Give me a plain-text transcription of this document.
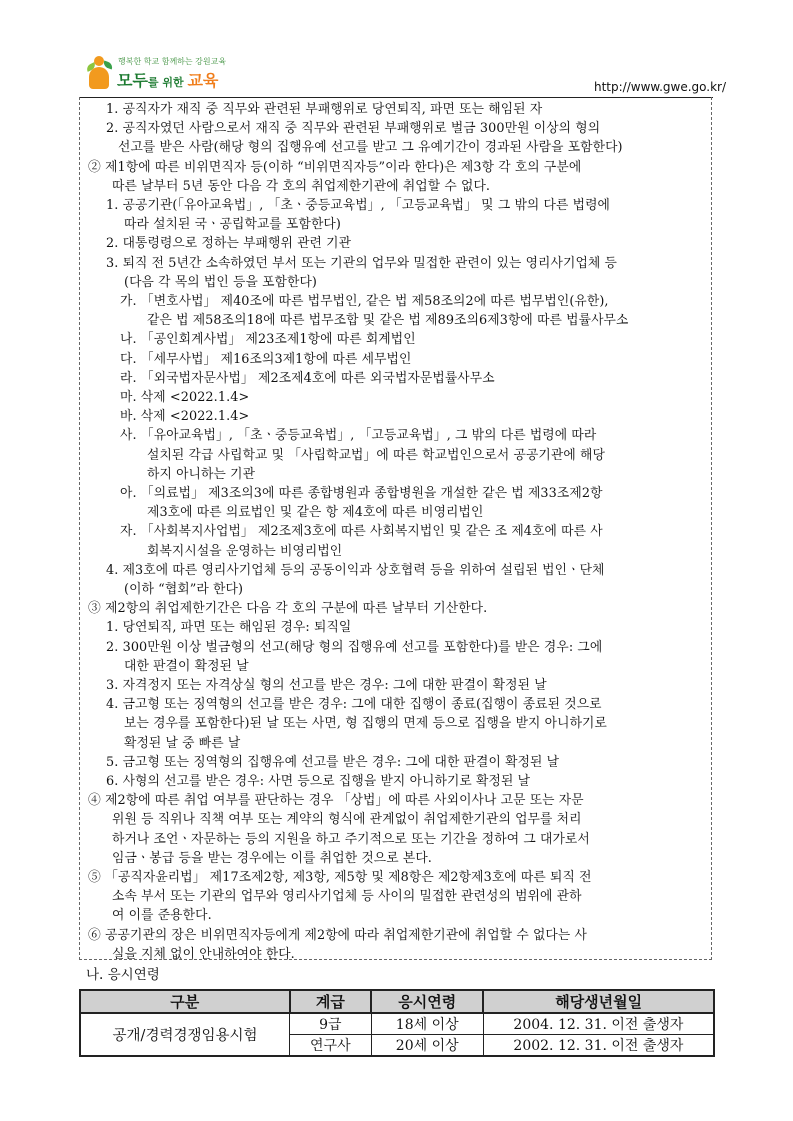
행복한 학교 함께하는 강원교육
모두를 위한 교육	http://www.gwe.go.kr/
1. 공직자가 재직 중 직무와 관련된 부패행위로 당연퇴직, 파면 또는 해임된 자
2. 공직자였던 사람으로서 재직 중 직무와 관련된 부패행위로 벌금 300만원 이상의 형의
선고를 받은 사람(해당 형의 집행유예 선고를 받고 그 유예기간이 경과된 사람을 포함한다)
② 제1항에 따른 비위면직자 등(이하 “비위면직자등”이라 한다)은 제3항 각 호의 구분에
따른 날부터 5년 동안 다음 각 호의 취업제한기관에 취업할 수 없다.
1. 공공기관(「유아교육법」, 「초ㆍ중등교육법」, 「고등교육법」 및 그 밖의 다른 법령에
따라 설치된 국ㆍ공립학교를 포함한다)
2. 대통령령으로 정하는 부패행위 관련 기관
3. 퇴직 전 5년간 소속하였던 부서 또는 기관의 업무와 밀접한 관련이 있는 영리사기업체 등
(다음 각 목의 법인 등을 포함한다)
가. 「변호사법」 제40조에 따른 법무법인, 같은 법 제58조의2에 따른 법무법인(유한),
같은 법 제58조의18에 따른 법무조합 및 같은 법 제89조의6제3항에 따른 법률사무소
나. 「공인회계사법」 제23조제1항에 따른 회계법인
다. 「세무사법」 제16조의3제1항에 따른 세무법인
라. 「외국법자문사법」 제2조제4호에 따른 외국법자문법률사무소
마. 삭제 <2022.1.4>
바. 삭제 <2022.1.4>
사. 「유아교육법」, 「초ㆍ중등교육법」, 「고등교육법」, 그 밖의 다른 법령에 따라
설치된 각급 사립학교 및 「사립학교법」에 따른 학교법인으로서 공공기관에 해당
하지 아니하는 기관
아. 「의료법」 제3조의3에 따른 종합병원과 종합병원을 개설한 같은 법 제33조제2항
제3호에 따른 의료법인 및 같은 항 제4호에 따른 비영리법인
자. 「사회복지사업법」 제2조제3호에 따른 사회복지법인 및 같은 조 제4호에 따른 사
회복지시설을 운영하는 비영리법인
4. 제3호에 따른 영리사기업체 등의 공동이익과 상호협력 등을 위하여 설립된 법인ㆍ단체
(이하 “협회”라 한다)
③ 제2항의 취업제한기간은 다음 각 호의 구분에 따른 날부터 기산한다.
1. 당연퇴직, 파면 또는 해임된 경우: 퇴직일
2. 300만원 이상 벌금형의 선고(해당 형의 집행유예 선고를 포함한다)를 받은 경우: 그에
대한 판결이 확정된 날
3. 자격정지 또는 자격상실 형의 선고를 받은 경우: 그에 대한 판결이 확정된 날
4. 금고형 또는 징역형의 선고를 받은 경우: 그에 대한 집행이 종료(집행이 종료된 것으로
보는 경우를 포함한다)된 날 또는 사면, 형 집행의 면제 등으로 집행을 받지 아니하기로
확정된 날 중 빠른 날
5. 금고형 또는 징역형의 집행유예 선고를 받은 경우: 그에 대한 판결이 확정된 날
6. 사형의 선고를 받은 경우: 사면 등으로 집행을 받지 아니하기로 확정된 날
④ 제2항에 따른 취업 여부를 판단하는 경우 「상법」에 따른 사외이사나 고문 또는 자문
위원 등 직위나 직책 여부 또는 계약의 형식에 관계없이 취업제한기관의 업무를 처리
하거나 조언ㆍ자문하는 등의 지원을 하고 주기적으로 또는 기간을 정하여 그 대가로서
임금ㆍ봉급 등을 받는 경우에는 이를 취업한 것으로 본다.
⑤ 「공직자윤리법」 제17조제2항, 제3항, 제5항 및 제8항은 제2항제3호에 따른 퇴직 전
소속 부서 또는 기관의 업무와 영리사기업체 등 사이의 밀접한 관련성의 범위에 관하
여 이를 준용한다.
⑥ 공공기관의 장은 비위면직자등에게 제2항에 따라 취업제한기관에 취업할 수 없다는 사
실을 지체 없이 안내하여야 한다.
나. 응시연령
구분	계급	응시연령	해당생년월일
공개/경력경쟁임용시험	9급	18세 이상	2004. 12. 31. 이전 출생자
	연구사	20세 이상	2002. 12. 31. 이전 출생자
